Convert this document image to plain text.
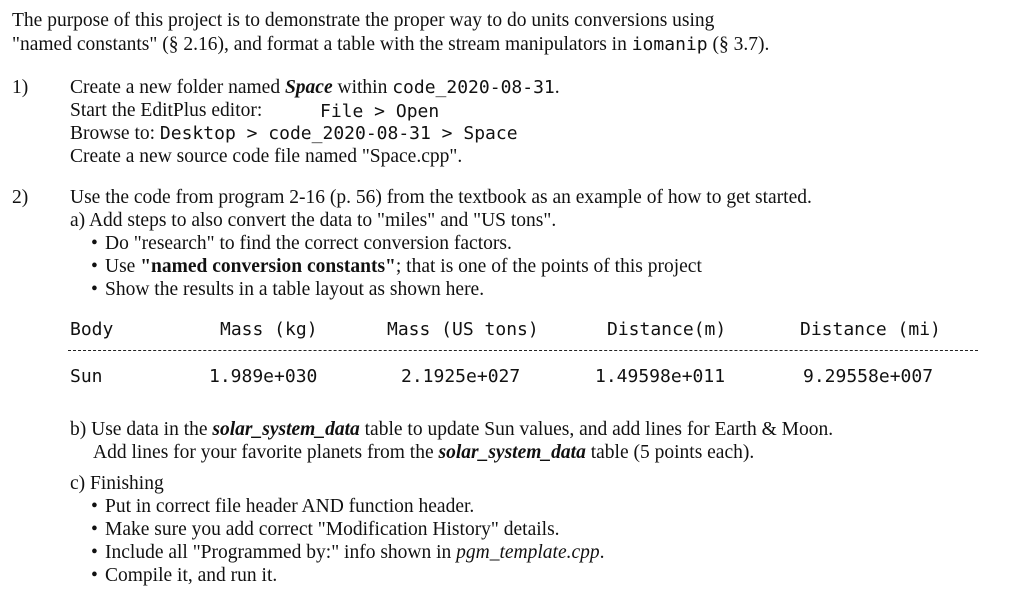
The purpose of this project is to demonstrate the proper way to do units conversions using
"named constants" (§ 2.16), and format a table with the stream manipulators in iomanip (§ 3.7).
1) Create a new folder named Space within code_2020-08-31.
Start the EditPlus editor:	File > Open
Browse to: Desktop > code_2020-08-31 > Space
Create a new source code file named "Space.cpp".
2) Use the code from program 2-16 (p. 56) from the textbook as an example of how to get started.
a) Add steps to also convert the data to "miles" and "US tons".
• Do "research" to find the correct conversion factors.
• Use "named conversion constants"; that is one of the points of this project
• Show the results in a table layout as shown here.
Body	Mass (kg)	Mass (US tons)	Distance(m)	Distance (mi)
Sun	1.989e+030	2.1925e+027	1.49598e+011	9.29558e+007
b) Use data in the solar_system_data table to update Sun values, and add lines for Earth & Moon.
Add lines for your favorite planets from the solar_system_data table (5 points each).
c) Finishing
• Put in correct file header AND function header.
• Make sure you add correct "Modification History" details.
• Include all "Programmed by:" info shown in pgm_template.cpp.
• Compile it, and run it.
